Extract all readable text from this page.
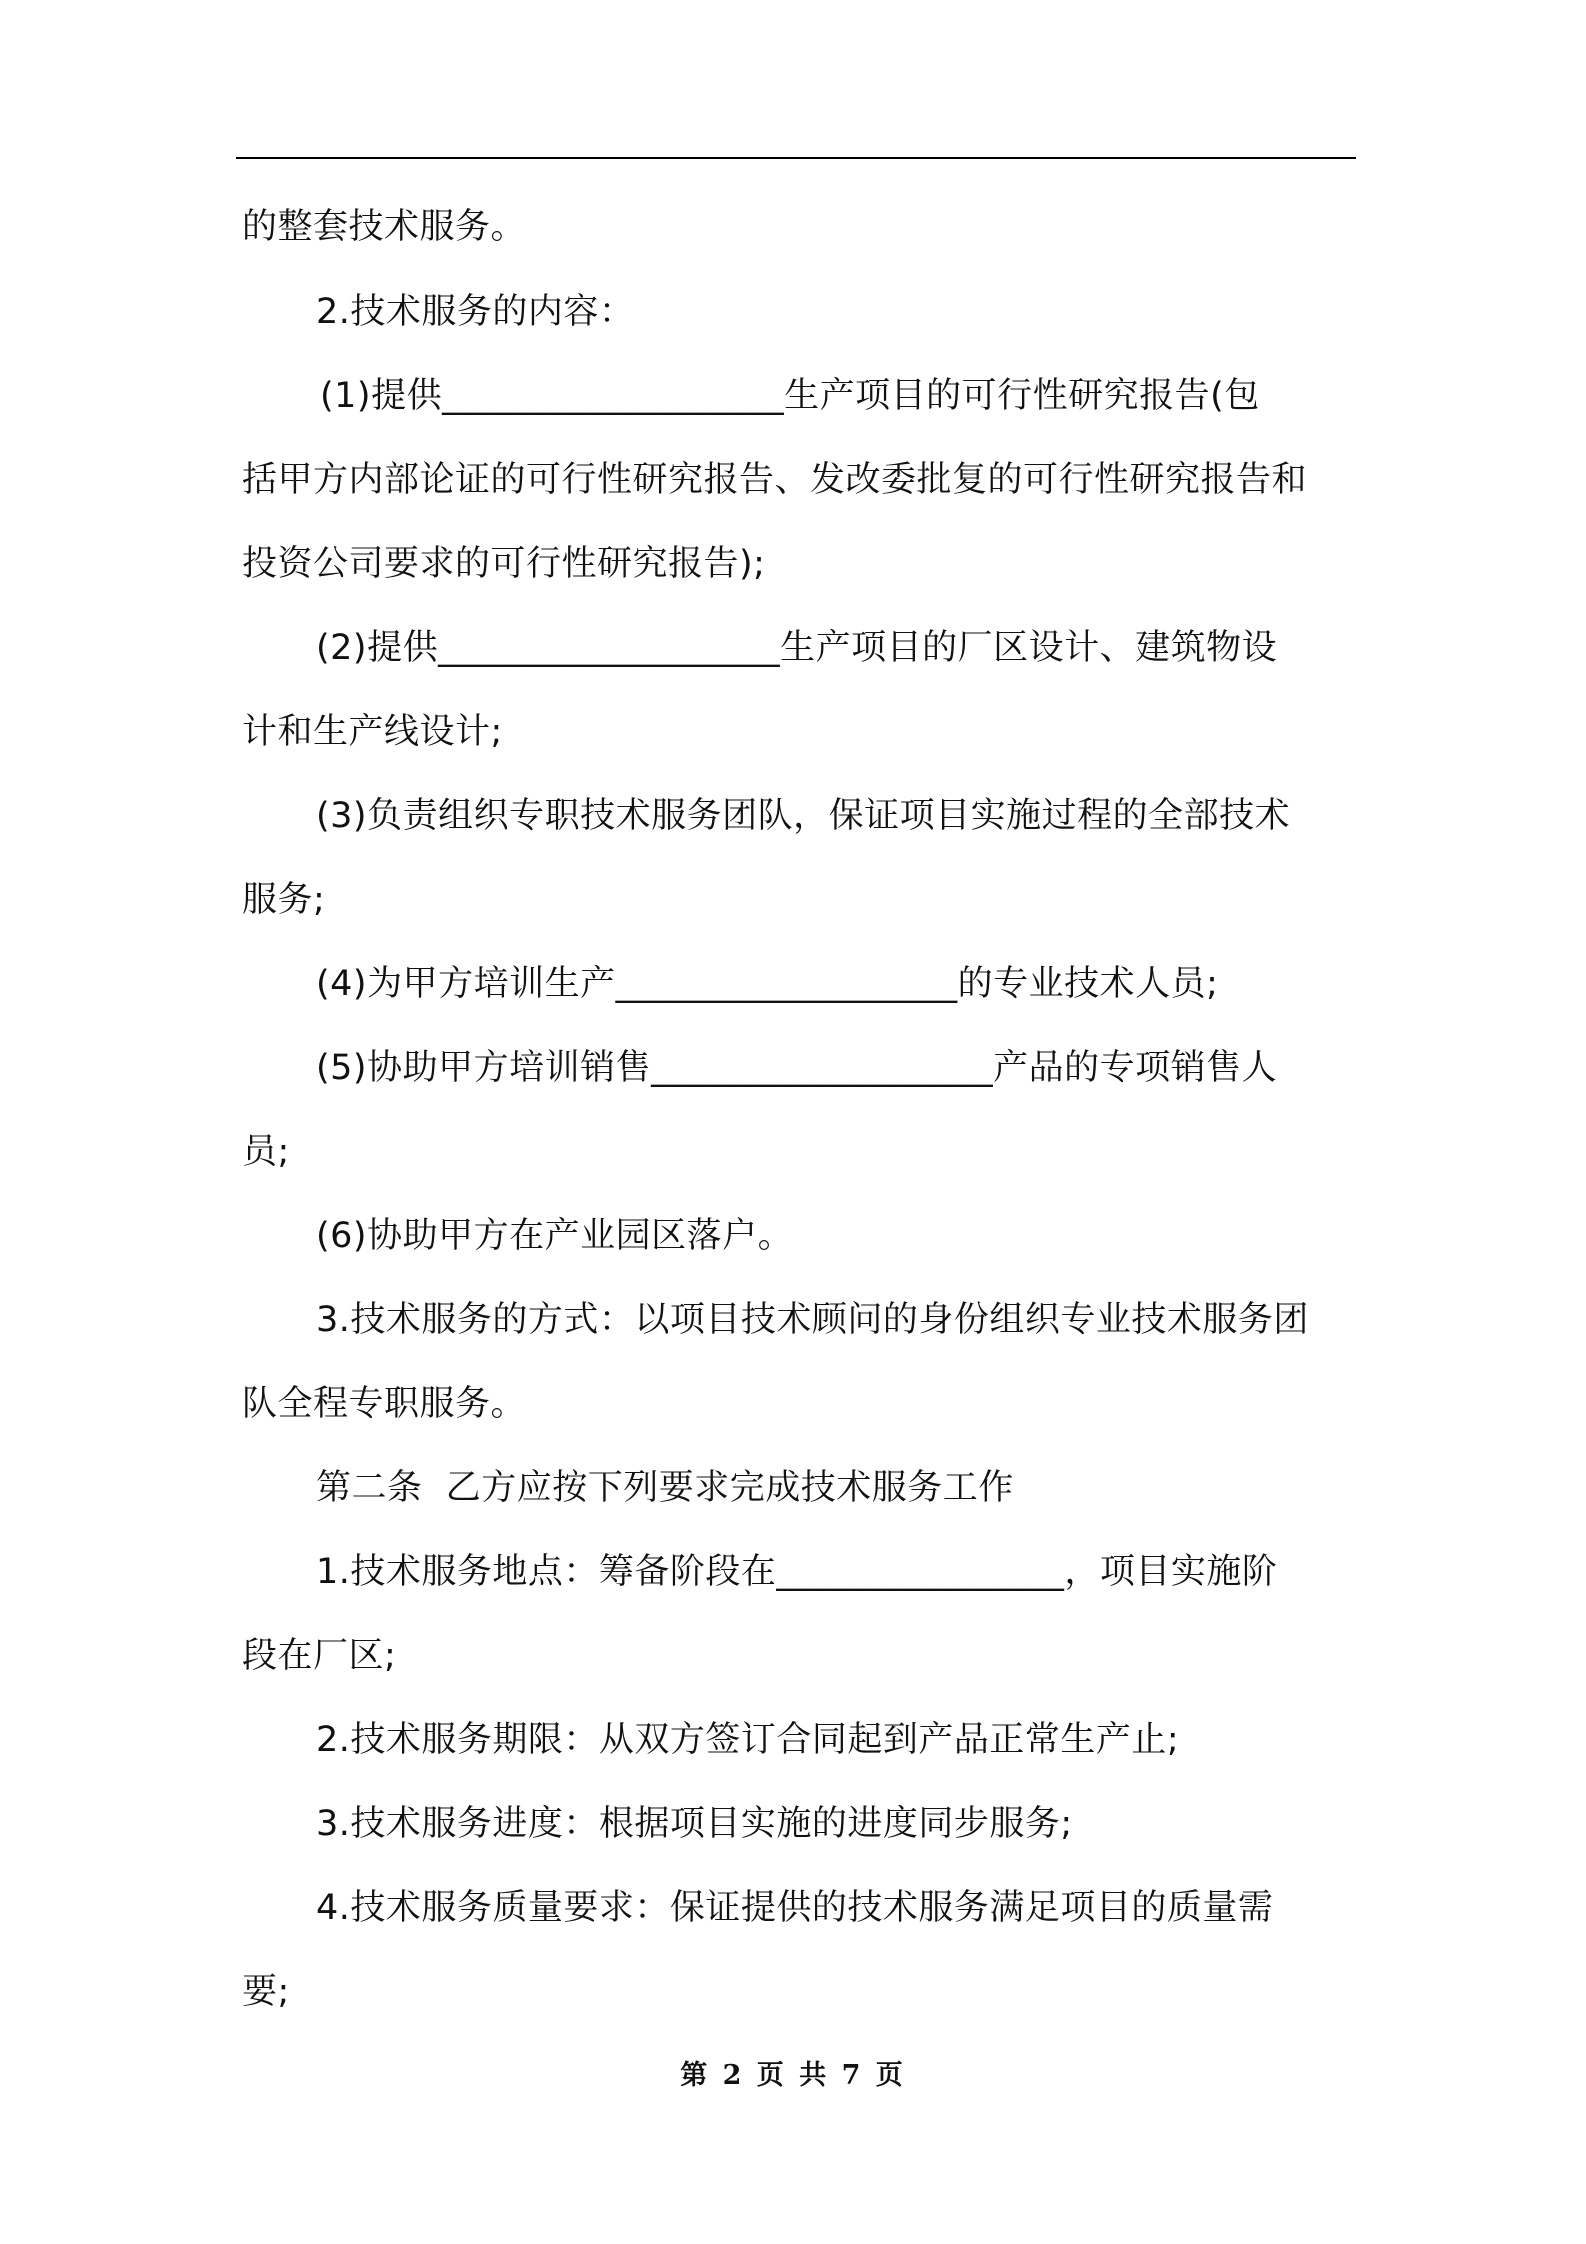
的整套技术服务。
2.技术服务的内容：
(1)提供___________________生产项目的可行性研究报告(包
括甲方内部论证的可行性研究报告、发改委批复的可行性研究报告和
投资公司要求的可行性研究报告);
(2)提供___________________生产项目的厂区设计、建筑物设
计和生产线设计;
(3)负责组织专职技术服务团队，保证项目实施过程的全部技术
服务;
(4)为甲方培训生产___________________的专业技术人员;
(5)协助甲方培训销售___________________产品的专项销售人
员;
(6)协助甲方在产业园区落户。
3.技术服务的方式：以项目技术顾问的身份组织专业技术服务团
队全程专职服务。
第二条  乙方应按下列要求完成技术服务工作
1.技术服务地点：筹备阶段在________________，项目实施阶
段在厂区;
2.技术服务期限：从双方签订合同起到产品正常生产止;
3.技术服务进度：根据项目实施的进度同步服务;
4.技术服务质量要求：保证提供的技术服务满足项目的质量需
要;
第 2 页 共 7 页
